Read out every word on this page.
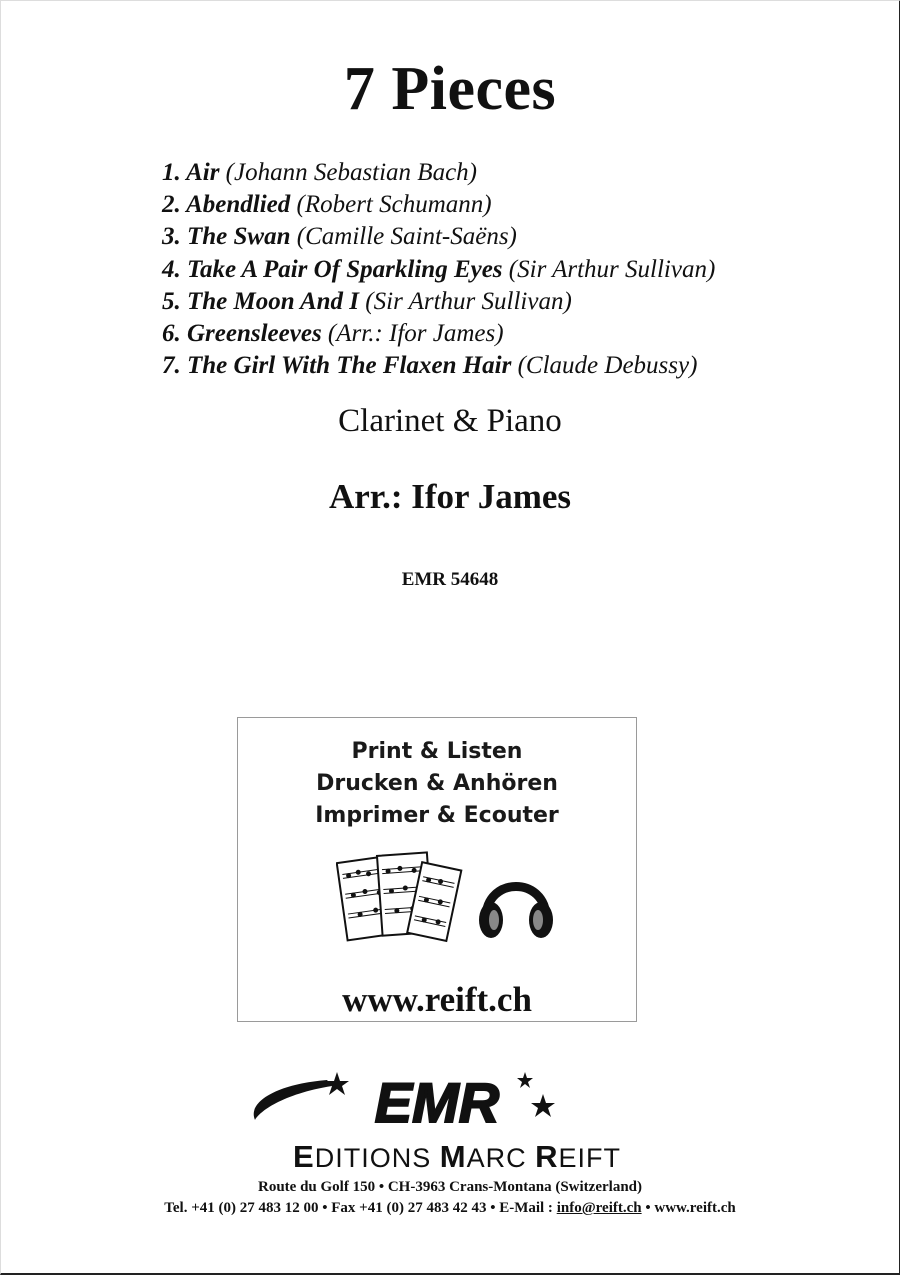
7 Pieces
1. Air (Johann Sebastian Bach)
2. Abendlied (Robert Schumann)
3. The Swan (Camille Saint-Saëns)
4. Take A Pair Of Sparkling Eyes (Sir Arthur Sullivan)
5. The Moon And I (Sir Arthur Sullivan)
6. Greensleeves (Arr.: Ifor James)
7. The Girl With The Flaxen Hair (Claude Debussy)
Clarinet & Piano
Arr.: Ifor James
EMR 54648
Print & Listen
Drucken & Anhören
Imprimer & Ecouter
www.reift.ch
EMR
EDITIONS MARC REIFT
Route du Golf 150 • CH-3963 Crans-Montana (Switzerland)
Tel. +41 (0) 27 483 12 00 • Fax +41 (0) 27 483 42 43 • E-Mail : info@reift.ch • www.reift.ch
